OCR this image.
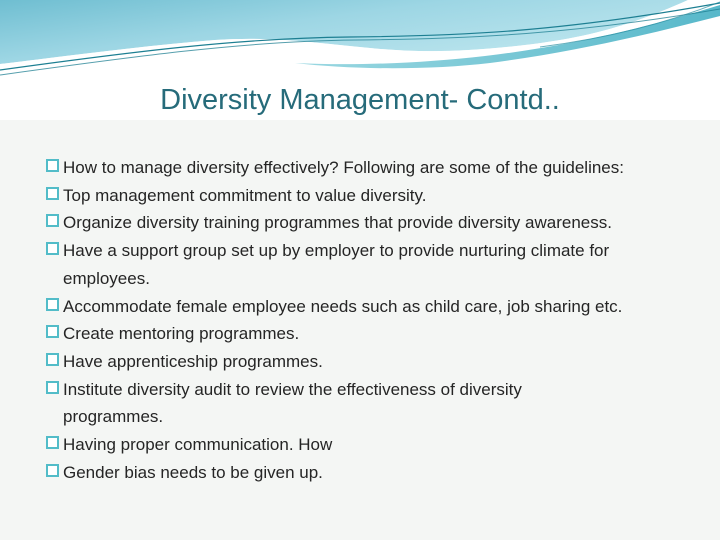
Diversity Management- Contd..
How to manage diversity effectively? Following are some of the guidelines:
Top management commitment to value diversity.
Organize diversity training programmes that provide diversity awareness.
Have a support group set up by employer to provide nurturing climate for
employees.
Accommodate female employee needs such as child care, job sharing etc.
Create mentoring programmes.
Have apprenticeship programmes.
Institute diversity audit to review the effectiveness of diversity
programmes.
Having proper communication. How
Gender bias needs to be given up.
